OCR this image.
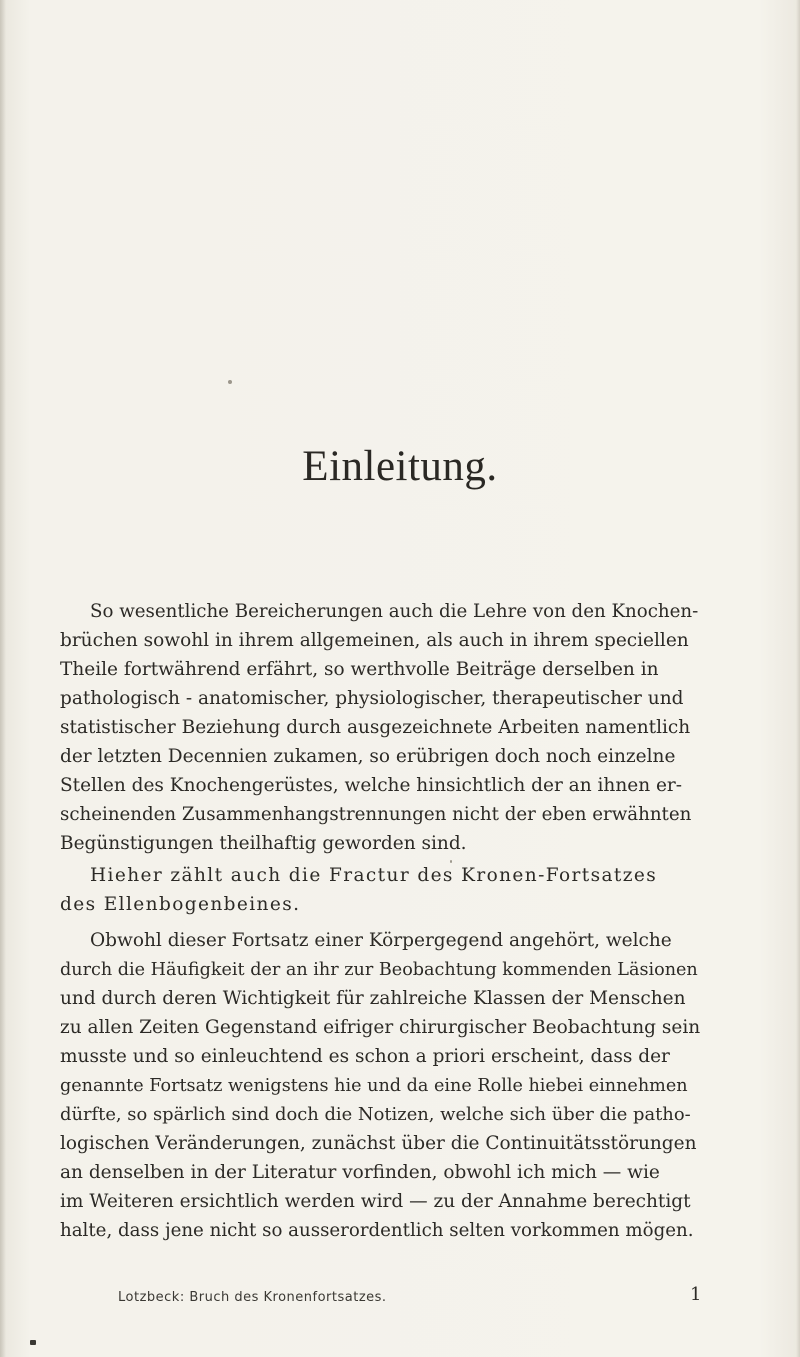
Einleitung.
So wesentliche Bereicherungen auch die Lehre von den Knochen-
brüchen sowohl in ihrem allgemeinen, als auch in ihrem speciellen
Theile fortwährend erfährt, so werthvolle Beiträge derselben in
pathologisch - anatomischer, physiologischer, therapeutischer und
statistischer Beziehung durch ausgezeichnete Arbeiten namentlich
der letzten Decennien zukamen, so erübrigen doch noch einzelne
Stellen des Knochengerüstes, welche hinsichtlich der an ihnen er-
scheinenden Zusammenhangstrennungen nicht der eben erwähnten
Begünstigungen theilhaftig geworden sind.
Hieher zählt auch die Fractur des Kronen-Fortsatzes
des Ellenbogenbeines.
Obwohl dieser Fortsatz einer Körpergegend angehört, welche
durch die Häufigkeit der an ihr zur Beobachtung kommenden Läsionen
und durch deren Wichtigkeit für zahlreiche Klassen der Menschen
zu allen Zeiten Gegenstand eifriger chirurgischer Beobachtung sein
musste und so einleuchtend es schon a priori erscheint, dass der
genannte Fortsatz wenigstens hie und da eine Rolle hiebei einnehmen
dürfte, so spärlich sind doch die Notizen, welche sich über die patho-
logischen Veränderungen, zunächst über die Continuitätsstörungen
an denselben in der Literatur vorfinden, obwohl ich mich — wie
im Weiteren ersichtlich werden wird — zu der Annahme berechtigt
halte, dass jene nicht so ausserordentlich selten vorkommen mögen.
Lotzbeck: Bruch des Kronenfortsatzes.	1
